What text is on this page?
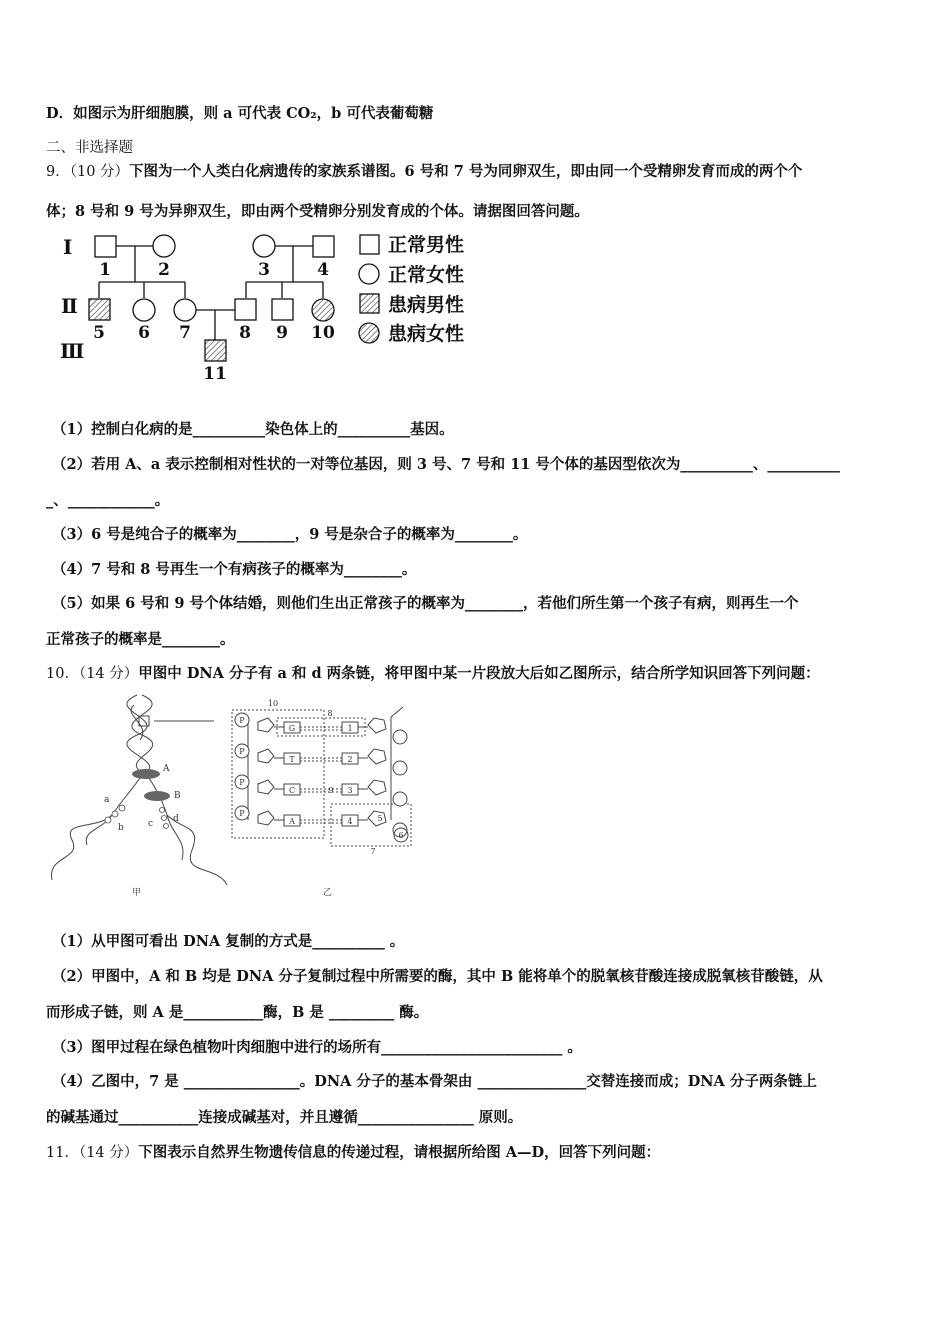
D．如图示为肝细胞膜，则 a 可代表 CO₂，b 可代表葡萄糖
二、非选择题
9．（10 分）下图为一个人类白化病遗传的家族系谱图。6 号和 7 号为同卵双生，即由同一个受精卵发育而成的两个个
体；8 号和 9 号为异卵双生，即由两个受精卵分别发育成的个体。请据图回答问题。
Ⅰ
Ⅱ
Ⅲ
1	2	3	4
5 6 7	8 9 10
11
正常男性
正常女性
患病男性
患病女性
（1）控制白化病的是__________染色体上的__________基因。
（2）若用 A、a 表示控制相对性状的一对等位基因，则 3 号、7 号和 11 号个体的基因型依次为__________、__________
_、____________。
（3）6 号是纯合子的概率为________，9 号是杂合子的概率为________。
（4）7 号和 8 号再生一个有病孩子的概率为________。
（5）如果 6 号和 9 号个体结婚，则他们生出正常孩子的概率为________，若他们所生第一个孩子有病，则再生一个
正常孩子的概率是________。
10．（14 分）甲图中 DNA 分子有 a 和 d 两条链，将甲图中某一片段放大后如乙图所示，结合所学知识回答下列问题：
A
B
a
b	c d
甲
P
P
P
P
G
T
C
A
1
2
3
4	5
6
7
8
9
10
乙
（1）从甲图可看出 DNA 复制的方式是__________ 。
（2）甲图中，A 和 B 均是 DNA 分子复制过程中所需要的酶，其中 B 能将单个的脱氧核苷酸连接成脱氧核苷酸链，从
而形成子链，则 A 是___________酶，B 是 _________ 酶。
（3）图甲过程在绿色植物叶肉细胞中进行的场所有_________________________ 。
（4）乙图中，7 是 ________________。DNA 分子的基本骨架由 _______________交替连接而成；DNA 分子两条链上
的碱基通过___________连接成碱基对，并且遵循________________ 原则。
11．（14 分）下图表示自然界生物遗传信息的传递过程，请根据所给图 A—D，回答下列问题：
